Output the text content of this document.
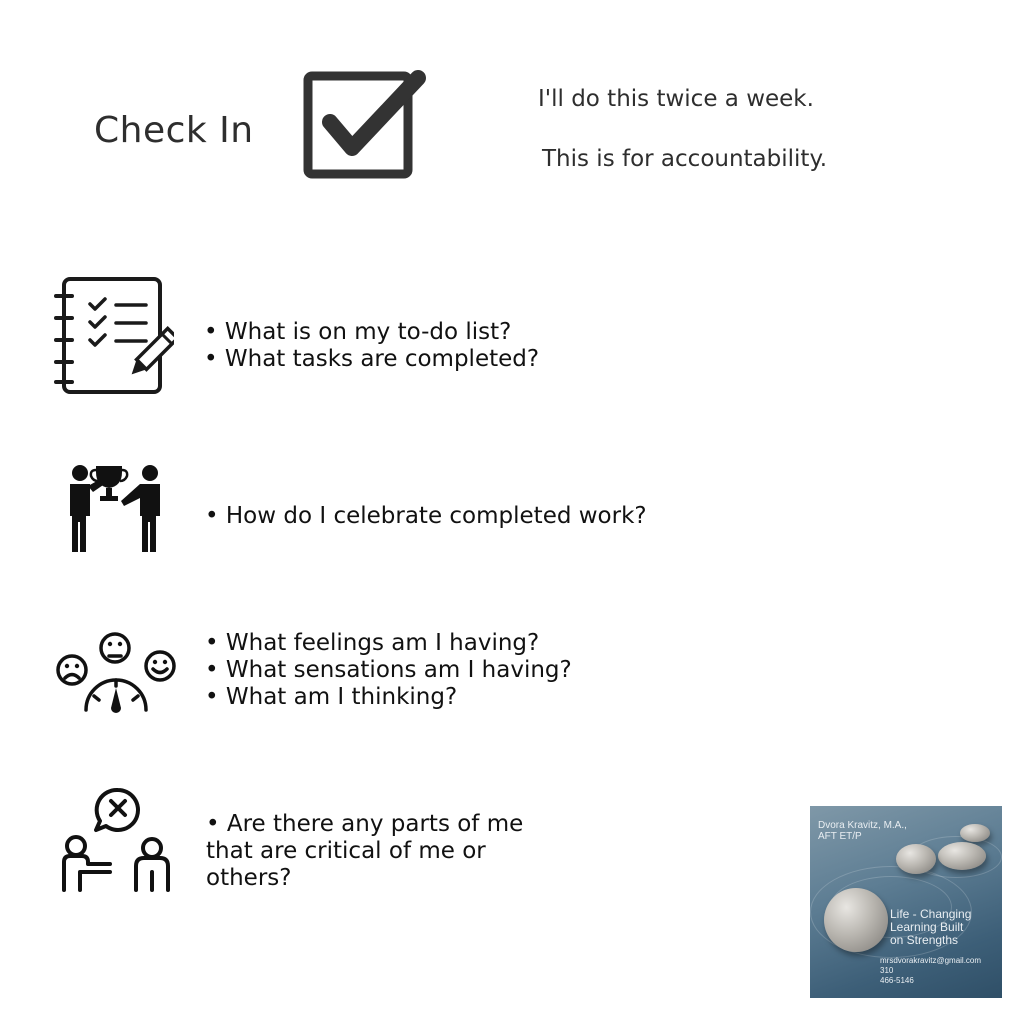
Check In
I'll do this twice a week.
This is for accountability.
• What is on my to-do list?
• What tasks are completed?
• How do I celebrate completed work?
• What feelings am I having?
• What sensations am I having?
• What am I thinking?
• Are there any parts of me
that are critical of me or
others?
Dvora Kravitz, M.A.,
AFT ET/P
Life - Changing
Learning Built
on Strengths
mrsdvorakravitz@gmail.com
310
466-5146
